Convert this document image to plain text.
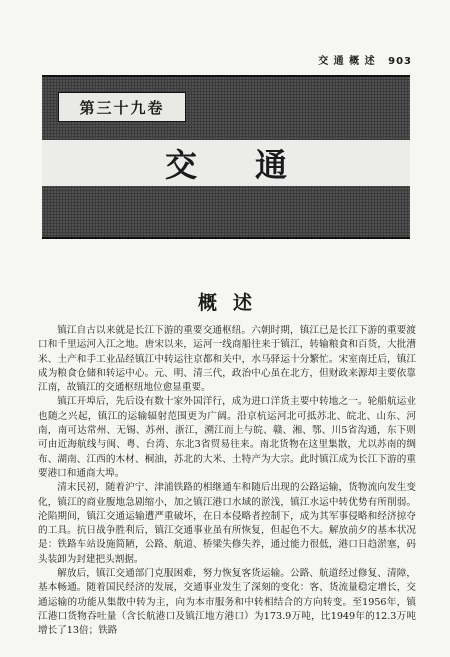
交 通 概 述 903
第三十九卷
交通
概述

镇江自古以来就是长江下游的重要交通枢纽。六朝时期，镇江已是长江下游的重要渡口和千里运河入江之地。唐宋以来，运河一线商船往来于镇江，转输粮食和百货，大批漕米、土产和手工业品经镇江中转运往京都和关中，水马驿运十分繁忙。宋室南迁后，镇江成为粮食仓储和转运中心。元、明、清三代，政治中心虽在北方，但财政来源却主要依靠江南，故镇江的交通枢纽地位愈显重要。

镇江开埠后，先后设有数十家外国洋行，成为进口洋货主要中转地之一。轮船航运业也随之兴起，镇江的运输辐射范围更为广阔。沿京杭运河北可抵苏北、皖北、山东、河南，南可达常州、无锡、苏州、浙江，溯江而上与皖、赣、湘、鄂、川5省沟通，东下则可由近海航线与闽、粤、台湾、东北3省贸易往来。南北货物在这里集散，尤以苏南的绸布、湖南、江西的木材、桐油，苏北的大米、土特产为大宗。此时镇江成为长江下游的重要港口和通商大埠。

清末民初，随着沪宁、津浦铁路的相继通车和随后出现的公路运输，货物流向发生变化，镇江的商业腹地急剧缩小，加之镇江港口水域的淤浅，镇江水运中转优势有所削弱。沦陷期间，镇江交通运输遭严重破坏，在日本侵略者控制下，成为其军事侵略和经济掠夺的工具。抗日战争胜利后，镇江交通事业虽有所恢复，但起色不大。解放前夕的基本状况是：铁路车站设施简陋，公路、航道、桥梁失修失养，通过能力很低，港口日趋淤塞，码头装卸为封建把头割据。

解放后，镇江交通部门克服困难，努力恢复客货运输。公路、航道经过修复、清障，基本畅通。随着国民经济的发展，交通事业发生了深刻的变化：客、货流量稳定增长，交通运输的功能从集散中转为主，向为本市服务和中转相结合的方向转变。至1956年，镇江港口货物吞吐量（含长航港口及镇江地方港口）为173.9万吨，比1949年的12.3万吨增长了13倍；铁路
